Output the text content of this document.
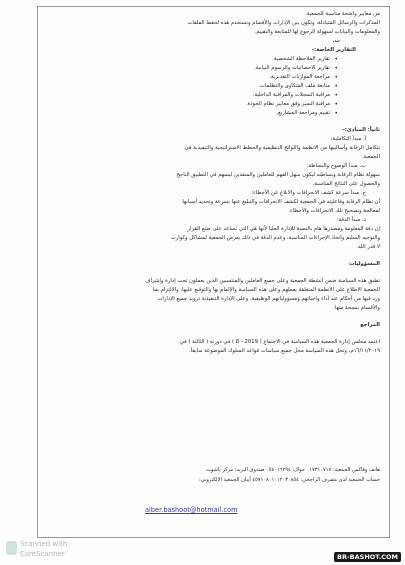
من معايير واضحة مناسبة للجمعية.
المذكرات والرسائل المتبادلة، وتكون بين الإدارات والأقسام وتستخدم هذه لحفظ الملفات
والمعلومات والبيانات لسهولة الرجوع لها للمتابعة والتقييم.
ب.
التقارير الخاصة:-
• تقارير الملاحظة الشخصية.
• تقارير الاحصائيات والرسوم البيانية.
• مراجعة الموازنات التقديرية.
• متابعة ملف الشكاوى والتظلمات.
• مراقبة السجلات والمراقبة الداخلية.
• مراقبة السير وفق معايير نظام الجودة.
• تقييم ومراجعة المشاريع.
ثانياً: المبادئ:-
أ. مبدأ التكاملية:
تتكامل الرقابة وأساليبها من الانظمة واللوائح التنظيمية والخطط الاستراتيجية والتنفيذية في
الجمعية.
ب. مبدأ الوضوح والبساطة:
سهولة نظام الرقابة وبساطته ليكون سهل الفهم للعاملين والمنفذين ليسهم في التطبيق الناجح
والحصول على النتائج المناسبة.
ج. مبدأ سرعة كشف الانحرافات والابلاغ عن الأخطاء:
أن نظام الرقابة وفاعليته في الجمعية لكشف الانحرافات والتبليغ عنها بسرعة وتحديد أسبابها
لمعالجة وتصحيح تلك الانحرافات والأخطاء.
د. مبدأ الدقة:
إن دقة المعلومة ومصدرها هام بالنسبة للإدارة العليا لأنها هي التي تساعد على صنع القرار
والتوجيه السليم واتخاذ الإجراءات المناسبة، وعدم الدقة في ذلك يعرض الجمعية لمشاكل وكوارث
لا قدر الله.
المسؤوليات
تطبق هذه السياسة ضمن أنشطة الجمعية وعلى جميع العاملين والمنتسبين الذين يعملون تحت إدارة وإشراف
الجمعية الاطلاع على الأنظمة المتعلقة بعملهم وعلى هذه السياسة والإلمام بها والتوقيع عليها، والالتزام بما
ورد فيها من أحكام عند أداء واجباتهم ومسؤولياتهم الوظيفية، وعلى الإدارة التنفيذية تزويد جميع الإدارات
والأقسام بنسخة منها.
المراجع
اعتمد مجلس إدارة الجمعية هذه السياسة في الاجتماع ( 2019 - 8 ) في دورته ( الثالثة ) في
١٦/١١/٢٠١٩م، وتحل هذه السياسة محل جميع سياسات قواعد السلوك الموضوعة سابقاً.
هاتف وفاكس الجمعية: ٠١٧٣١٠٧١٧ جوال: ٠٥٤٠١٦٢٩٤ صندوق البريد: مركز باشوت
حساب الجمعية لدى مصرف الراجحي: ٤٥٧١٠٨٠١٠١٢٠٣٠٨٥٤ آيبان الجمعية الإلكتروني:
alber.bashoot@hotmail.com
Scanned with
CamScanner	BR-BASHOT.COM
